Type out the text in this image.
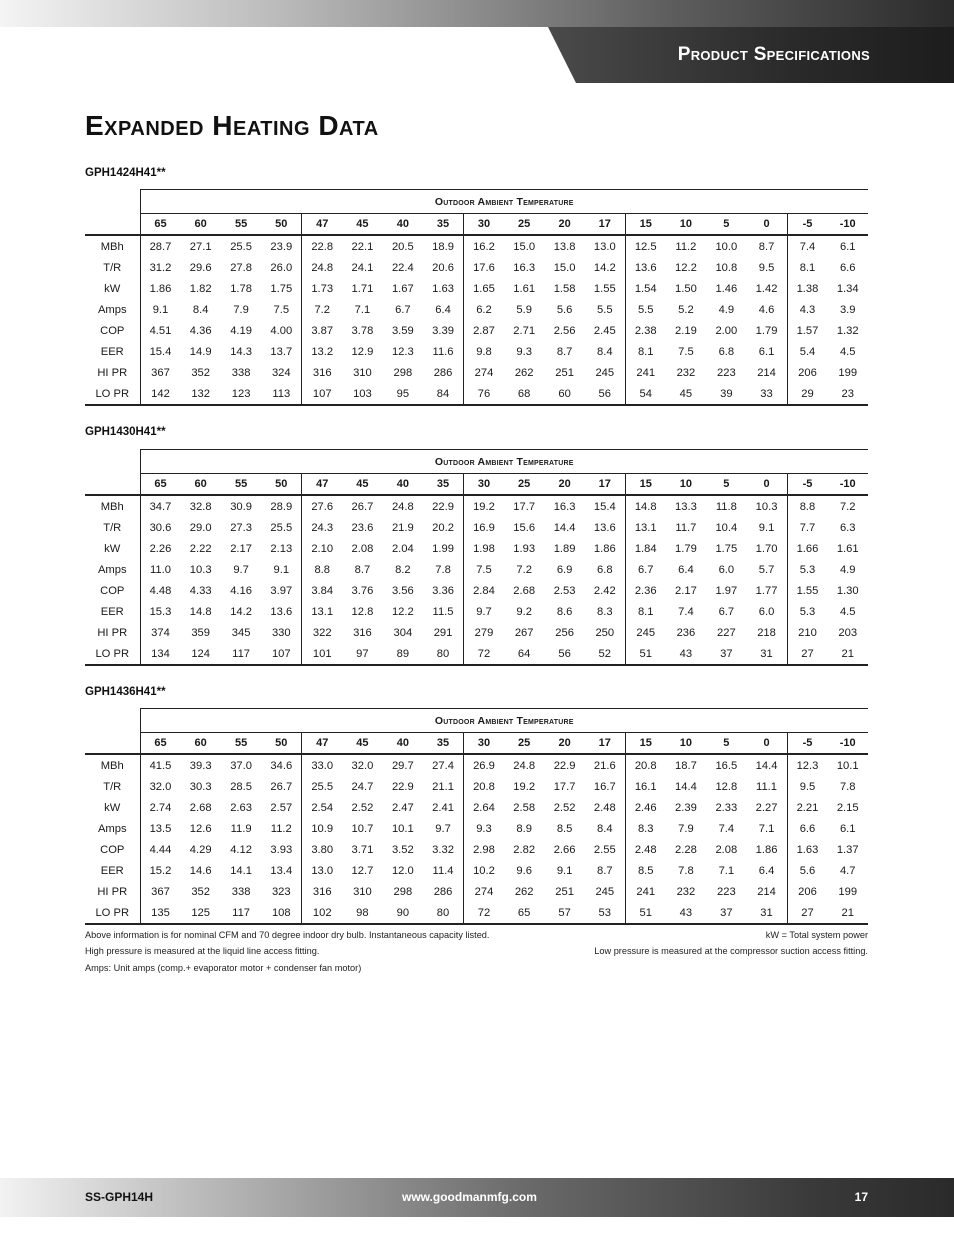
Product Specifications
Expanded Heating Data
GPH1424H41**
	Outdoor Ambient Temperature																	
	65	60	55	50	47	45	40	35	30	25	20	17	15	10	5	0	-5	-10
MBh	28.7	27.1	25.5	23.9	22.8	22.1	20.5	18.9	16.2	15.0	13.8	13.0	12.5	11.2	10.0	8.7	7.4	6.1
T/R	31.2	29.6	27.8	26.0	24.8	24.1	22.4	20.6	17.6	16.3	15.0	14.2	13.6	12.2	10.8	9.5	8.1	6.6
kW	1.86	1.82	1.78	1.75	1.73	1.71	1.67	1.63	1.65	1.61	1.58	1.55	1.54	1.50	1.46	1.42	1.38	1.34
Amps	9.1	8.4	7.9	7.5	7.2	7.1	6.7	6.4	6.2	5.9	5.6	5.5	5.5	5.2	4.9	4.6	4.3	3.9
COP	4.51	4.36	4.19	4.00	3.87	3.78	3.59	3.39	2.87	2.71	2.56	2.45	2.38	2.19	2.00	1.79	1.57	1.32
EER	15.4	14.9	14.3	13.7	13.2	12.9	12.3	11.6	9.8	9.3	8.7	8.4	8.1	7.5	6.8	6.1	5.4	4.5
HI PR	367	352	338	324	316	310	298	286	274	262	251	245	241	232	223	214	206	199
LO PR	142	132	123	113	107	103	95	84	76	68	60	56	54	45	39	33	29	23
GPH1430H41**
	Outdoor Ambient Temperature																	
	65	60	55	50	47	45	40	35	30	25	20	17	15	10	5	0	-5	-10
MBh	34.7	32.8	30.9	28.9	27.6	26.7	24.8	22.9	19.2	17.7	16.3	15.4	14.8	13.3	11.8	10.3	8.8	7.2
T/R	30.6	29.0	27.3	25.5	24.3	23.6	21.9	20.2	16.9	15.6	14.4	13.6	13.1	11.7	10.4	9.1	7.7	6.3
kW	2.26	2.22	2.17	2.13	2.10	2.08	2.04	1.99	1.98	1.93	1.89	1.86	1.84	1.79	1.75	1.70	1.66	1.61
Amps	11.0	10.3	9.7	9.1	8.8	8.7	8.2	7.8	7.5	7.2	6.9	6.8	6.7	6.4	6.0	5.7	5.3	4.9
COP	4.48	4.33	4.16	3.97	3.84	3.76	3.56	3.36	2.84	2.68	2.53	2.42	2.36	2.17	1.97	1.77	1.55	1.30
EER	15.3	14.8	14.2	13.6	13.1	12.8	12.2	11.5	9.7	9.2	8.6	8.3	8.1	7.4	6.7	6.0	5.3	4.5
HI PR	374	359	345	330	322	316	304	291	279	267	256	250	245	236	227	218	210	203
LO PR	134	124	117	107	101	97	89	80	72	64	56	52	51	43	37	31	27	21
GPH1436H41**
	Outdoor Ambient Temperature																	
	65	60	55	50	47	45	40	35	30	25	20	17	15	10	5	0	-5	-10
MBh	41.5	39.3	37.0	34.6	33.0	32.0	29.7	27.4	26.9	24.8	22.9	21.6	20.8	18.7	16.5	14.4	12.3	10.1
T/R	32.0	30.3	28.5	26.7	25.5	24.7	22.9	21.1	20.8	19.2	17.7	16.7	16.1	14.4	12.8	11.1	9.5	7.8
kW	2.74	2.68	2.63	2.57	2.54	2.52	2.47	2.41	2.64	2.58	2.52	2.48	2.46	2.39	2.33	2.27	2.21	2.15
Amps	13.5	12.6	11.9	11.2	10.9	10.7	10.1	9.7	9.3	8.9	8.5	8.4	8.3	7.9	7.4	7.1	6.6	6.1
COP	4.44	4.29	4.12	3.93	3.80	3.71	3.52	3.32	2.98	2.82	2.66	2.55	2.48	2.28	2.08	1.86	1.63	1.37
EER	15.2	14.6	14.1	13.4	13.0	12.7	12.0	11.4	10.2	9.6	9.1	8.7	8.5	7.8	7.1	6.4	5.6	4.7
HI PR	367	352	338	323	316	310	298	286	274	262	251	245	241	232	223	214	206	199
LO PR	135	125	117	108	102	98	90	80	72	65	57	53	51	43	37	31	27	21
Above information is for nominal CFM and 70 degree indoor dry bulb. Instantaneous capacity listed.	kW = Total system power
High pressure is measured at the liquid line access fitting.	Low pressure is measured at the compressor suction access fitting.
Amps: Unit amps (comp.+ evaporator motor + condenser fan motor)
SS-GPH14H	www.goodmanmfg.com	17
